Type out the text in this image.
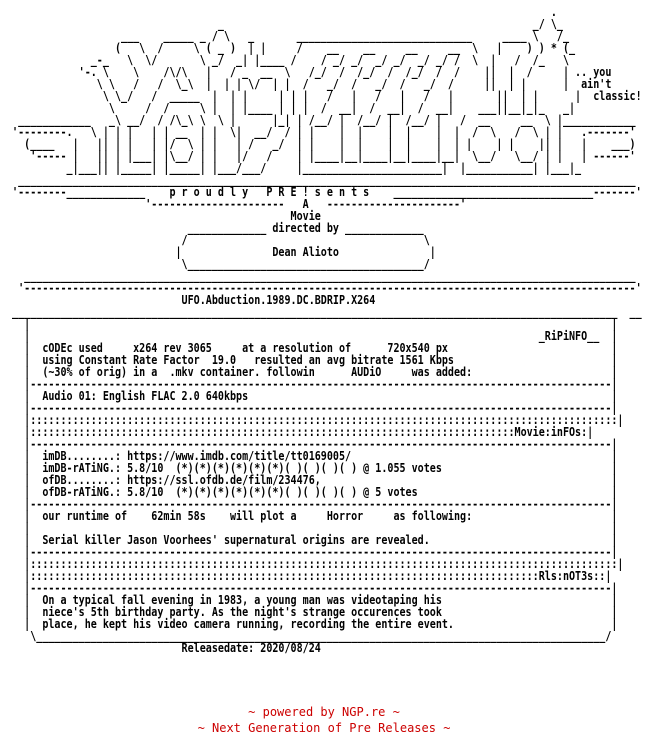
.
_                                                   _/ \_
___    _____ _ / \   _       _____________________________     ____ \   /_
(   \  /     \ ( _ )  | |     /    __    __     __     __  \   |    ) ) * (_
_-_   \  \/       \ _/  _| |____ /    / _/ _/  _/ _/  _/ _/ /  \  |   /  /_   \
'-. \    \    /\/\   |   / _  __  \   /_/  /  /_/  /  /_/  /  /    ||  |  /     | .. you
\ \   /   /  \_\  |  | | \/  | |  /   _/  /   _/  /   _/  /     ||  | |      |  ain't
\ \_/   /  _____  |  | |     | | |   /   |   /   |   /   |       ||  | |      |  classic!
\     /  /     \ |  | |____ | | |  /  __|  /  __|  /  __|    ___||__|_|_   _|
____________   _\ __/  / /\_\ \  \ |      |_| | /__/ |  /__/ |  /__/ |   /  __     __  \ |____________
'--------.   \ | | |   | | __  | |  \|  __/  / | |    |  |    |  |    |  |  /  \   /  \ | |   .-------'
(____   |   || | |   | |/  \ | |   | /   _/  | |    |  |    |  |    |  | |    | |    || |   |    ___)
'----- |   || | |___| |\__/ | |   |/   /    | |____|__|____|__|____|__|  \__/   \__/ | |   | ------'
_|___|| |_____| |_____| |___/___/     |_______________________|  |___________| |___|_
______________________________________________________________________________________________________
'--------_____________    p r o u d l y   P R E ! s e n t s    _________________________________-------'
'----------------------   A   ----------------------'
Movie
_____________ directed by _____________
/                                       \
|               Dean Alioto               |
\_______________________________________/
_____________________________________________________________________________________________________
'-----------------------------------------------------------------------------------------------------'
UFO.Abduction.1989.DC.BDRIP.X264
____________________________________________________________________________________________________  __
|                                                                                                |
|                                                                                    _RiPiNFO__  |
|  cODEc used     x264 rev 3065     at a resolution of      720x540 px                           |
|  using Constant Rate Factor  19.0   resulted an avg bitrate 1561 Kbps                          |
|  (~30% of orig) in a  .mkv container. followin      AUDiO     was added:                       |
|------------------------------------------------------------------------------------------------|
|  Audio 01: English FLAC 2.0 640kbps                                                            |
|------------------------------------------------------------------------------------------------|
|:::::::::::::::::::::::::::::::::::::::::::::::::::::::::::::::::::::::::::::::::::::::::::::::::|
|::::::::::::::::::::::::::::::::::::::::::::::::::::::::::::::::::::::::::::::::Movie:inFOs:|
|------------------------------------------------------------------------------------------------|
|  imDB........: https://www.imdb.com/title/tt0169005/                                           |
|  imDB-rATiNG.: 5.8/10  (*)(*)(*)(*)(*)(*)( )( )( )( ) @ 1.055 votes                            |
|  ofDB........: https://ssl.ofdb.de/film/234476,                                                |
|  ofDB-rATiNG.: 5.8/10  (*)(*)(*)(*)(*)(*)( )( )( )( ) @ 5 votes                                |
|------------------------------------------------------------------------------------------------|
|  our runtime of    62min 58s    will plot a     Horror     as following:                       |
|                                                                                                |
|  Serial killer Jason Voorhees' supernatural origins are revealed.                              |
|------------------------------------------------------------------------------------------------|
|:::::::::::::::::::::::::::::::::::::::::::::::::::::::::::::::::::::::::::::::::::::::::::::::::|
|::::::::::::::::::::::::::::::::::::::::::::::::::::::::::::::::::::::::::::::::::::Rls:nOT3s::|
|------------------------------------------------------------------------------------------------|
|  On a typical fall evening in 1983, a young man was videotaping his                            |
|  niece's 5th birthday party. As the night's strange occurences took                            |
|  place, he kept his video camera running, recording the entire event.                          |
\______________________________________________________________________________________________/
Releasedate: 2020/08/24
~ powered by NGP.re ~
~ Next Generation of Pre Releases ~
